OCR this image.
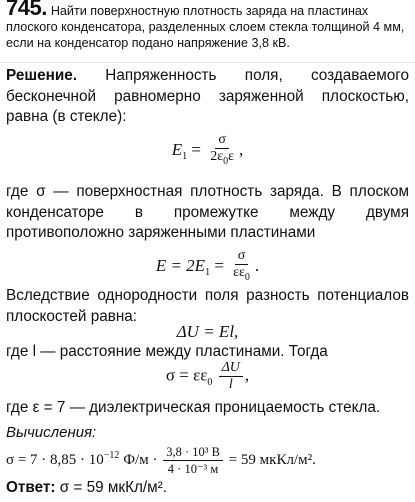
745. Найти поверхностную плотность заряда на пластинах плоского конденсатора, разделенных слоем стекла толщиной 4 мм, если на конденсатор подано напряжение 3,8 кВ.
Решение. Напряженность поля, создаваемого бесконечной равномерно заряженной плоскостью, равна (в стекле):
$E_1 = \frac{\sigma}{2\varepsilon_0\varepsilon}$ ,
где σ — поверхностная плотность заряда. В плоском конденсаторе в промежутке между двумя противоположно заряженными пластинами
$E = 2E_1 = \frac{\sigma}{\varepsilon\varepsilon_0}$ .
Вследствие однородности поля разность потенциалов плоскостей равна:
ΔU = El,
где l — расстояние между пластинами. Тогда
$\sigma = \varepsilon\varepsilon_0 \frac{\Delta U}{l}$ ,
где ε = 7 — диэлектрическая проницаемость стекла.
Вычисления:
$\sigma = 7 \cdot 8,85 \cdot 10^{-12}$ $Ф/м \cdot \frac{\text{3,8 · 10³ В}}{\text{4 · 10⁻³ м}} = 59$ мкКл/м².
Ответ: σ = 59 мкКл/м².
